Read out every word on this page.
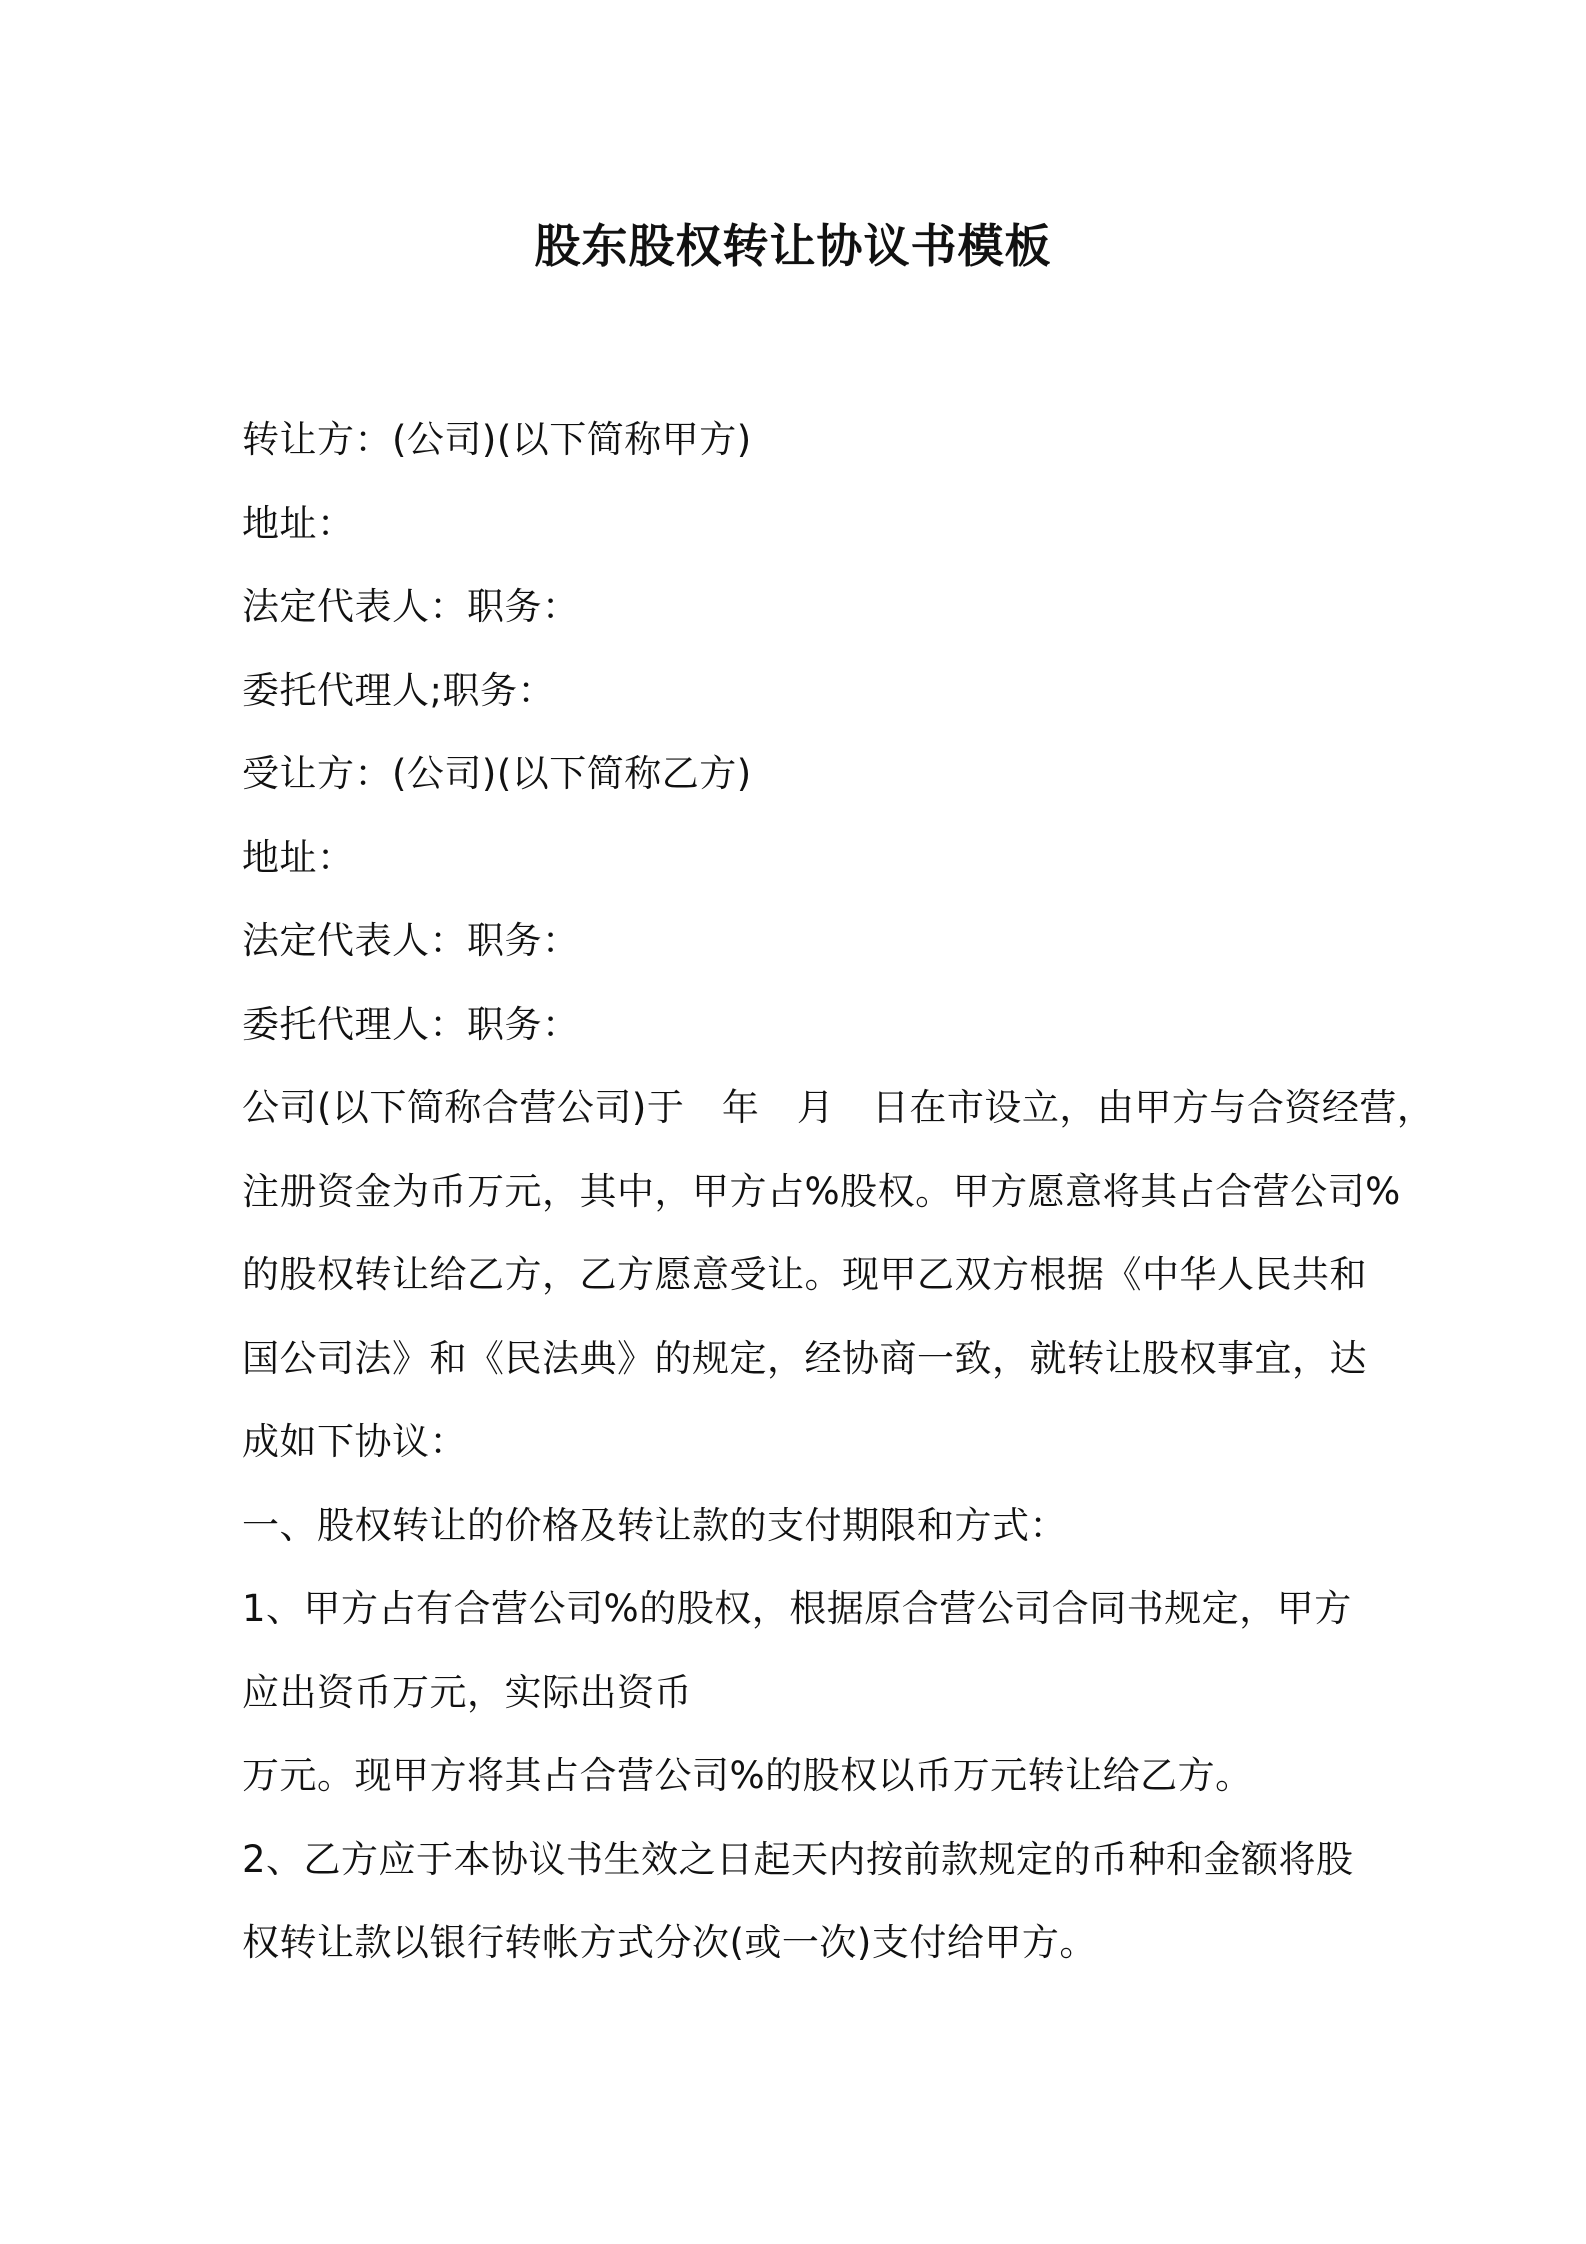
股东股权转让协议书模板
转让方：(公司)(以下简称甲方)
地址：
法定代表人：职务：
委托代理人;职务：
受让方：(公司)(以下简称乙方)
地址：
法定代表人：职务：
委托代理人：职务：
公司(以下简称合营公司)于　年　月　日在市设立，由甲方与合资经营，
注册资金为币万元，其中，甲方占%股权。甲方愿意将其占合营公司%
的股权转让给乙方，乙方愿意受让。现甲乙双方根据《中华人民共和
国公司法》和《民法典》的规定，经协商一致，就转让股权事宜，达
成如下协议：
一、股权转让的价格及转让款的支付期限和方式：
1、甲方占有合营公司%的股权，根据原合营公司合同书规定，甲方
应出资币万元，实际出资币
万元。现甲方将其占合营公司%的股权以币万元转让给乙方。
2、乙方应于本协议书生效之日起天内按前款规定的币种和金额将股
权转让款以银行转帐方式分次(或一次)支付给甲方。
